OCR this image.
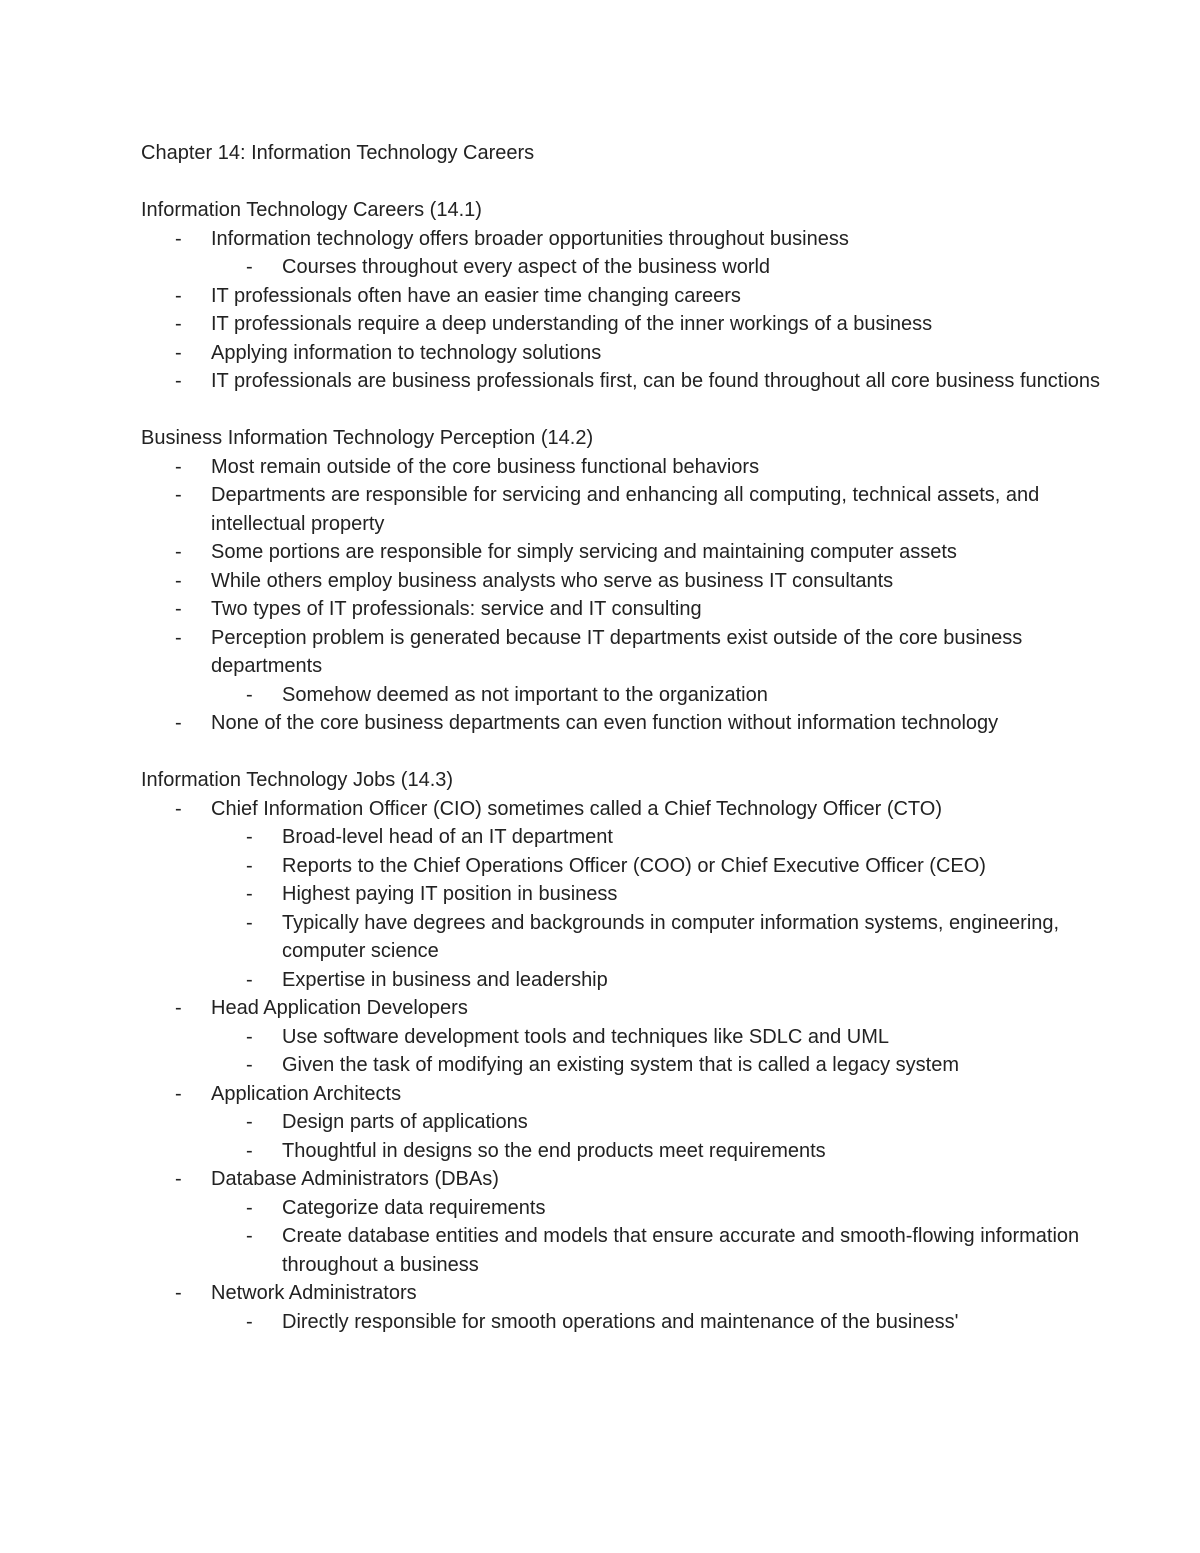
Chapter 14: Information Technology Careers
Information Technology Careers (14.1)
- Information technology offers broader opportunities throughout business
- Courses throughout every aspect of the business world
- IT professionals often have an easier time changing careers
- IT professionals require a deep understanding of the inner workings of a business
- Applying information to technology solutions
- IT professionals are business professionals first, can be found throughout all core business functions
Business Information Technology Perception (14.2)
- Most remain outside of the core business functional behaviors
- Departments are responsible for servicing and enhancing all computing, technical assets, and intellectual property
- Some portions are responsible for simply servicing and maintaining computer assets
- While others employ business analysts who serve as business IT consultants
- Two types of IT professionals: service and IT consulting
- Perception problem is generated because IT departments exist outside of the core business departments
- Somehow deemed as not important to the organization
- None of the core business departments can even function without information technology
Information Technology Jobs (14.3)
- Chief Information Officer (CIO) sometimes called a Chief Technology Officer (CTO)
- Broad-level head of an IT department
- Reports to the Chief Operations Officer (COO) or Chief Executive Officer (CEO)
- Highest paying IT position in business
- Typically have degrees and backgrounds in computer information systems, engineering, computer science
- Expertise in business and leadership
- Head Application Developers
- Use software development tools and techniques like SDLC and UML
- Given the task of modifying an existing system that is called a legacy system
- Application Architects
- Design parts of applications
- Thoughtful in designs so the end products meet requirements
- Database Administrators (DBAs)
- Categorize data requirements
- Create database entities and models that ensure accurate and smooth-flowing information throughout a business
- Network Administrators
- Directly responsible for smooth operations and maintenance of the business'
